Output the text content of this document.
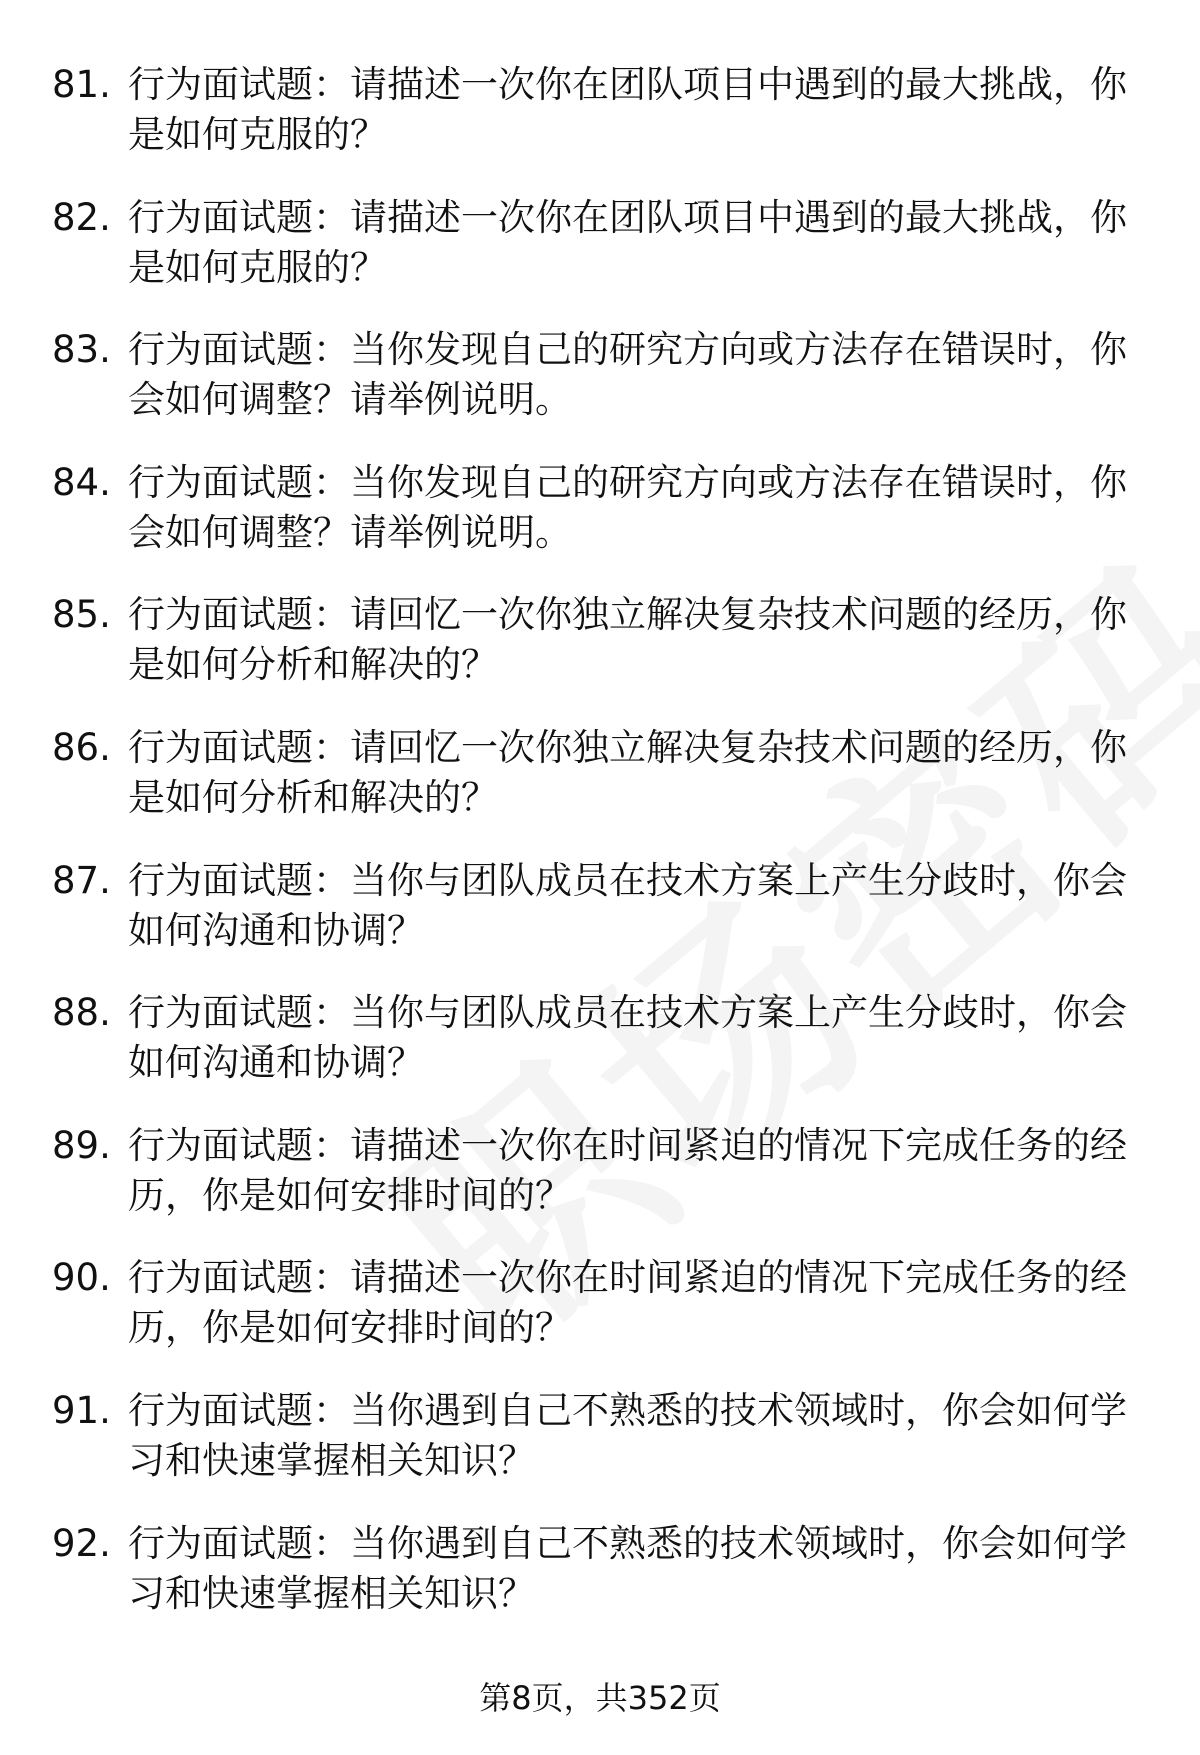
81. 行为面试题：请描述一次你在团队项目中遇到的最大挑战，你是如何克服的？
82. 行为面试题：请描述一次你在团队项目中遇到的最大挑战，你是如何克服的？
83. 行为面试题：当你发现自己的研究方向或方法存在错误时，你会如何调整？请举例说明。
84. 行为面试题：当你发现自己的研究方向或方法存在错误时，你会如何调整？请举例说明。
85. 行为面试题：请回忆一次你独立解决复杂技术问题的经历，你是如何分析和解决的？
86. 行为面试题：请回忆一次你独立解决复杂技术问题的经历，你是如何分析和解决的？
87. 行为面试题：当你与团队成员在技术方案上产生分歧时，你会如何沟通和协调？
88. 行为面试题：当你与团队成员在技术方案上产生分歧时，你会如何沟通和协调？
89. 行为面试题：请描述一次你在时间紧迫的情况下完成任务的经历，你是如何安排时间的？
90. 行为面试题：请描述一次你在时间紧迫的情况下完成任务的经历，你是如何安排时间的？
91. 行为面试题：当你遇到自己不熟悉的技术领域时，你会如何学习和快速掌握相关知识？
92. 行为面试题：当你遇到自己不熟悉的技术领域时，你会如何学习和快速掌握相关知识？
第8页，共352页
